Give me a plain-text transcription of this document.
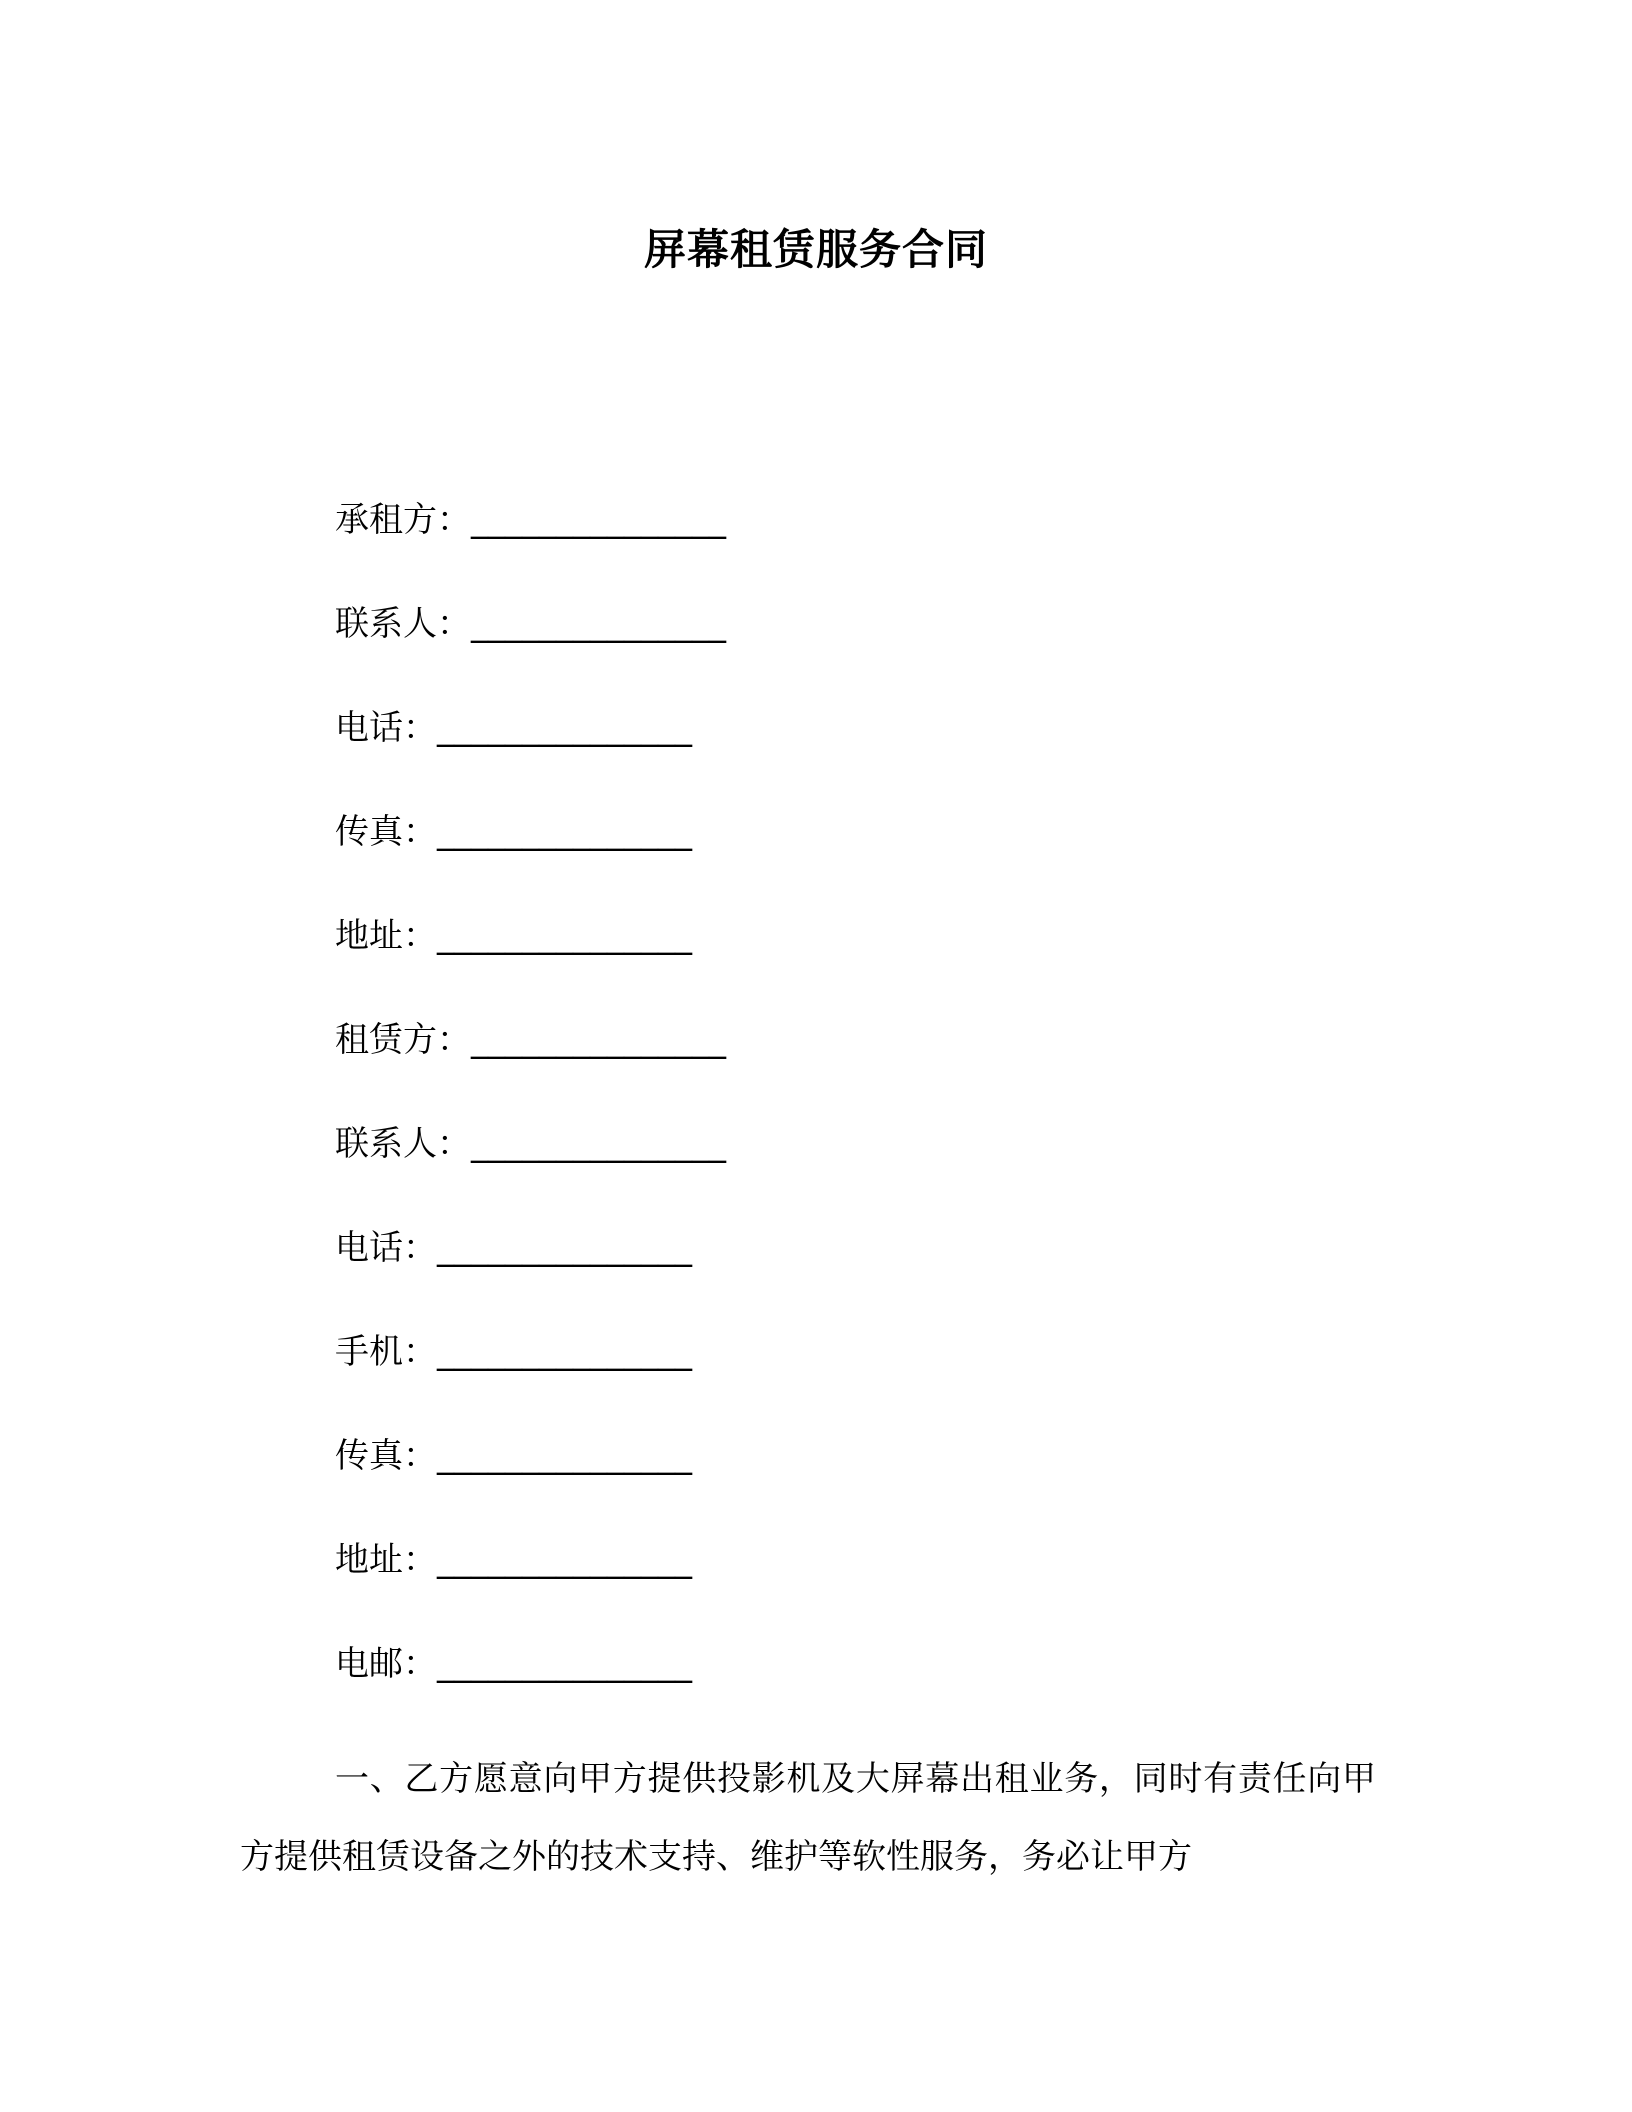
屏幕租赁服务合同
承租方：_______________
联系人：_______________
电话：_______________
传真：_______________
地址：_______________
租赁方：_______________
联系人：_______________
电话：_______________
手机：_______________
传真：_______________
地址：_______________
电邮：_______________

一、乙方愿意向甲方提供投影机及大屏幕出租业务，同时有责任向甲方提供租赁设备之外的技术支持、维护等软性服务，务必让甲方
